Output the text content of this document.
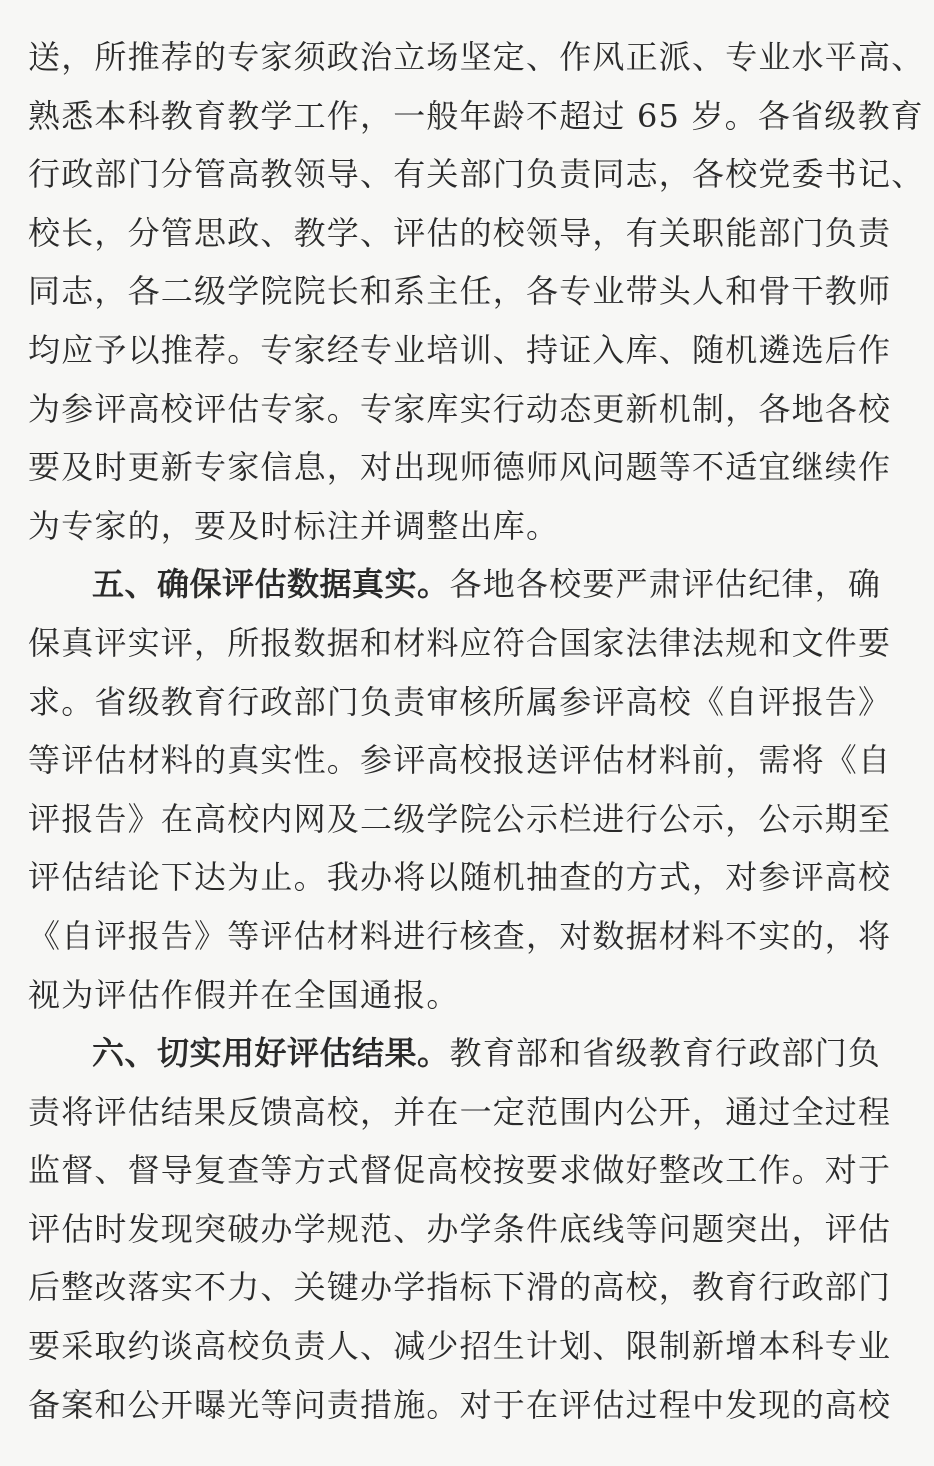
送，所推荐的专家须政治立场坚定、作风正派、专业水平高、
熟悉本科教育教学工作，一般年龄不超过 65 岁。各省级教育
行政部门分管高教领导、有关部门负责同志，各校党委书记、
校长，分管思政、教学、评估的校领导，有关职能部门负责
同志，各二级学院院长和系主任，各专业带头人和骨干教师
均应予以推荐。专家经专业培训、持证入库、随机遴选后作
为参评高校评估专家。专家库实行动态更新机制，各地各校
要及时更新专家信息，对出现师德师风问题等不适宜继续作
为专家的，要及时标注并调整出库。
五、确保评估数据真实。各地各校要严肃评估纪律，确
保真评实评，所报数据和材料应符合国家法律法规和文件要
求。省级教育行政部门负责审核所属参评高校《自评报告》
等评估材料的真实性。参评高校报送评估材料前，需将《自
评报告》在高校内网及二级学院公示栏进行公示，公示期至
评估结论下达为止。我办将以随机抽查的方式，对参评高校
《自评报告》等评估材料进行核查，对数据材料不实的，将
视为评估作假并在全国通报。
六、切实用好评估结果。教育部和省级教育行政部门负
责将评估结果反馈高校，并在一定范围内公开，通过全过程
监督、督导复查等方式督促高校按要求做好整改工作。对于
评估时发现突破办学规范、办学条件底线等问题突出，评估
后整改落实不力、关键办学指标下滑的高校，教育行政部门
要采取约谈高校负责人、减少招生计划、限制新增本科专业
备案和公开曝光等问责措施。对于在评估过程中发现的高校
